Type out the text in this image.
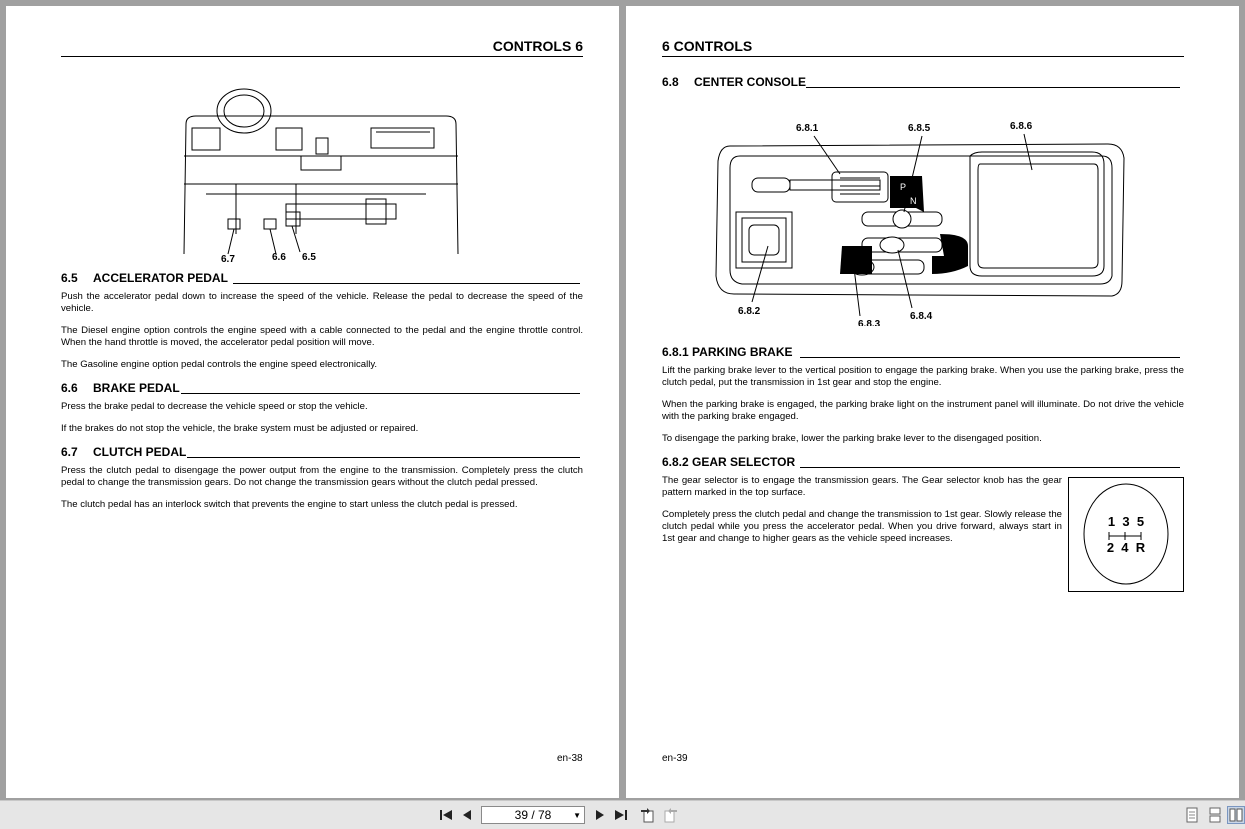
CONTROLS 6
6.7	6.6 6.5
6.5 ACCELERATOR PEDAL

Push the accelerator pedal down to increase the speed of the vehicle. Release the pedal to decrease the speed of the vehicle.

The Diesel engine option controls the engine speed with a cable connected to the pedal and the engine throttle control. When the hand throttle is moved, the accelerator pedal position will move.

The Gasoline engine option pedal controls the engine speed electronically.

6.6 BRAKE PEDAL

Press the brake pedal to decrease the vehicle speed or stop the vehicle.

If the brakes do not stop the vehicle, the brake system must be adjusted or repaired.

6.7 CLUTCH PEDAL

Press the clutch pedal to disengage the power output from the engine to the transmission. Completely press the clutch pedal to change the transmission gears. Do not change the transmission gears without the clutch pedal pressed.

The clutch pedal has an interlock switch that prevents the engine to start unless the clutch pedal is pressed.

en-38
6 CONTROLS
6.8 CENTER CONSOLE
P
N
6.8.1	6.8.5	6.8.6
6.8.2
6.8.3
6.8.4
6.8.1 PARKING BRAKE

Lift the parking brake lever to the vertical position to engage the parking brake. When you use the parking brake, press the clutch pedal, put the transmission in 1st gear and stop the engine.

When the parking brake is engaged, the parking brake light on the instrument panel will illuminate. Do not drive the vehicle with the parking brake engaged.

To disengage the parking brake, lower the parking brake lever to the disengaged position.

6.8.2 GEAR SELECTOR

The gear selector is to engage the transmission gears. The Gear selector knob has the gear pattern marked in the top surface.

Completely press the clutch pedal and change the transmission to 1st gear. Slowly release the clutch pedal while you press the accelerator pedal. When you drive forward, always start in 1st gear and change to higher gears as the vehicle speed increases.

1  3  5
2  4  R
en-39
39 / 78	▼
